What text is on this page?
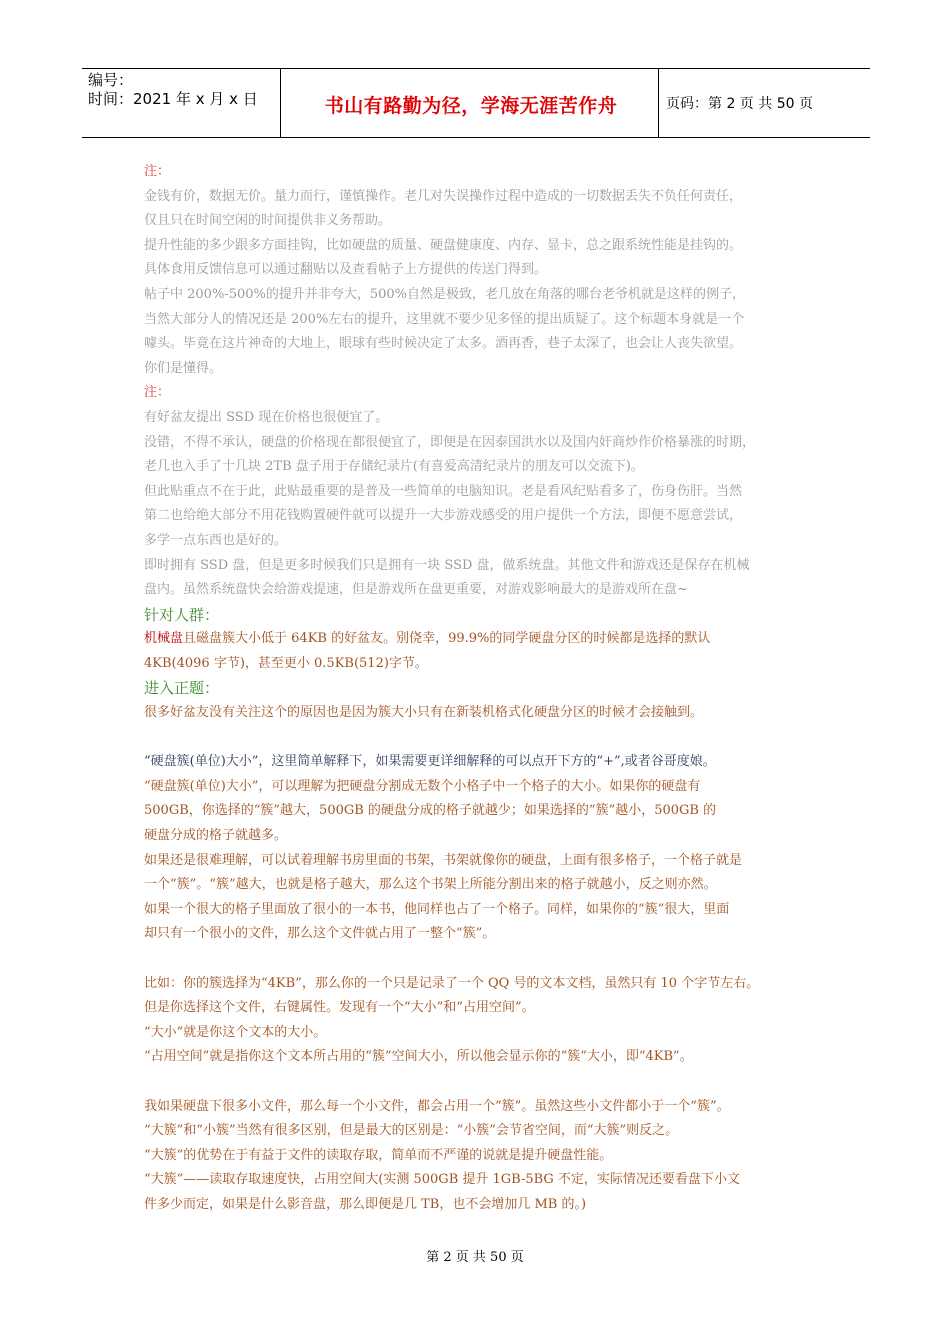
编号：
时间：2021 年 x 月 x 日	书山有路勤为径，学海无涯苦作舟	页码：第 2 页 共 50 页
注：
金钱有价，数据无价。量力而行，谨慎操作。老几对失误操作过程中造成的一切数据丢失不负任何责任，
仅且只在时间空闲的时间提供非义务帮助。
提升性能的多少跟多方面挂钩，比如硬盘的质量、硬盘健康度、内存、显卡，总之跟系统性能是挂钩的。
具体食用反馈信息可以通过翻贴以及查看帖子上方提供的传送门得到。
帖子中 200%-500%的提升并非夸大，500%自然是极致，老几放在角落的哪台老爷机就是这样的例子，
当然大部分人的情况还是 200%左右的提升，这里就不要少见多怪的提出质疑了。这个标题本身就是一个
噱头。毕竟在这片神奇的大地上，眼球有些时候决定了太多。酒再香，巷子太深了，也会让人丧失欲望。
你们是懂得。
注：
有好盆友提出 SSD 现在价格也很便宜了。
没错，不得不承认，硬盘的价格现在都很便宜了，即便是在因泰国洪水以及国内奸商炒作价格暴涨的时期，
老几也入手了十几块 2TB 盘子用于存储纪录片(有喜爱高清纪录片的朋友可以交流下)。
但此贴重点不在于此，此贴最重要的是普及一些简单的电脑知识。老是看风纪贴看多了，伤身伤肝。当然
第二也给绝大部分不用花钱购置硬件就可以提升一大步游戏感受的用户提供一个方法，即便不愿意尝试，
多学一点东西也是好的。
即时拥有 SSD 盘，但是更多时候我们只是拥有一块 SSD 盘，做系统盘。其他文件和游戏还是保存在机械
盘内。虽然系统盘快会给游戏提速，但是游戏所在盘更重要，对游戏影响最大的是游戏所在盘~
针对人群：
机械盘且磁盘簇大小低于 64KB 的好盆友。别侥幸，99.9%的同学硬盘分区的时候都是选择的默认
4KB(4096 字节)，甚至更小 0.5KB(512)字节。
进入正题：
很多好盆友没有关注这个的原因也是因为簇大小只有在新装机格式化硬盘分区的时候才会接触到。
“硬盘簇(单位)大小”，这里简单解释下，如果需要更详细解释的可以点开下方的“+”,或者谷哥度娘。
“硬盘簇(单位)大小”，可以理解为把硬盘分割成无数个小格子中一个格子的大小。如果你的硬盘有
500GB，你选择的“簇”越大，500GB 的硬盘分成的格子就越少；如果选择的“簇”越小，500GB 的
硬盘分成的格子就越多。
如果还是很难理解，可以试着理解书房里面的书架，书架就像你的硬盘，上面有很多格子，一个格子就是
一个“簇”。“簇”越大，也就是格子越大，那么这个书架上所能分割出来的格子就越小，反之则亦然。
如果一个很大的格子里面放了很小的一本书，他同样也占了一个格子。同样，如果你的“簇”很大，里面
却只有一个很小的文件，那么这个文件就占用了一整个“簇”。
比如：你的簇选择为“4KB”，那么你的一个只是记录了一个 QQ 号的文本文档，虽然只有 10 个字节左右。
但是你选择这个文件，右键属性。发现有一个“大小”和“占用空间”。
“大小”就是你这个文本的大小。
“占用空间”就是指你这个文本所占用的“簇”空间大小，所以他会显示你的“簇”大小，即“4KB”。
我如果硬盘下很多小文件，那么每一个小文件，都会占用一个“簇”。虽然这些小文件都小于一个“簇”。
“大簇”和“小簇”当然有很多区别，但是最大的区别是：“小簇”会节省空间，而“大簇”则反之。
“大簇”的优势在于有益于文件的读取存取，简单而不严谨的说就是提升硬盘性能。
“大簇”——读取存取速度快，占用空间大(实测 500GB 提升 1GB-5BG 不定，实际情况还要看盘下小文
件多少而定，如果是什么影音盘，那么即便是几 TB，也不会增加几 MB 的。)
第 2 页 共 50 页
